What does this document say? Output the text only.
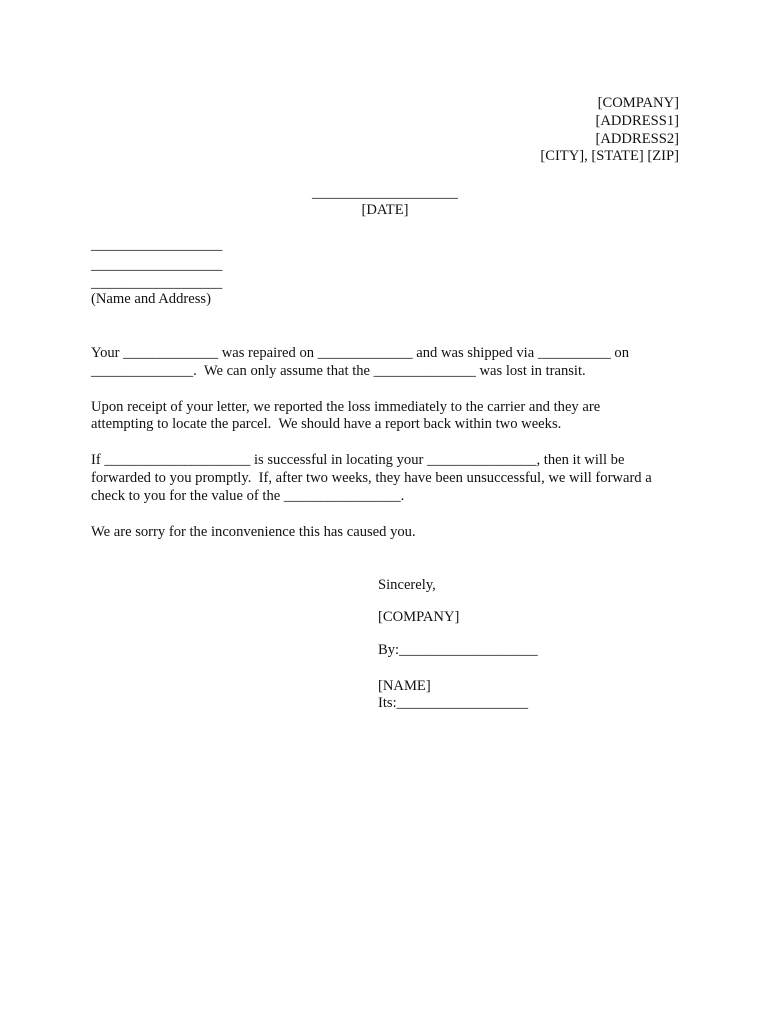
[COMPANY]
[ADDRESS1]
[ADDRESS2]
[CITY], [STATE] [ZIP]
____________________
[DATE]
__________________
__________________
__________________
(Name and Address)
Your _____________ was repaired on _____________ and was shipped via __________ on
______________.  We can only assume that the ______________ was lost in transit.
Upon receipt of your letter, we reported the loss immediately to the carrier and they are
attempting to locate the parcel.  We should have a report back within two weeks.
If ____________________ is successful in locating your _______________, then it will be
forwarded to you promptly.  If, after two weeks, they have been unsuccessful, we will forward a
check to you for the value of the ________________.
We are sorry for the inconvenience this has caused you.
Sincerely,
[COMPANY]
By:___________________
[NAME]
Its:__________________
